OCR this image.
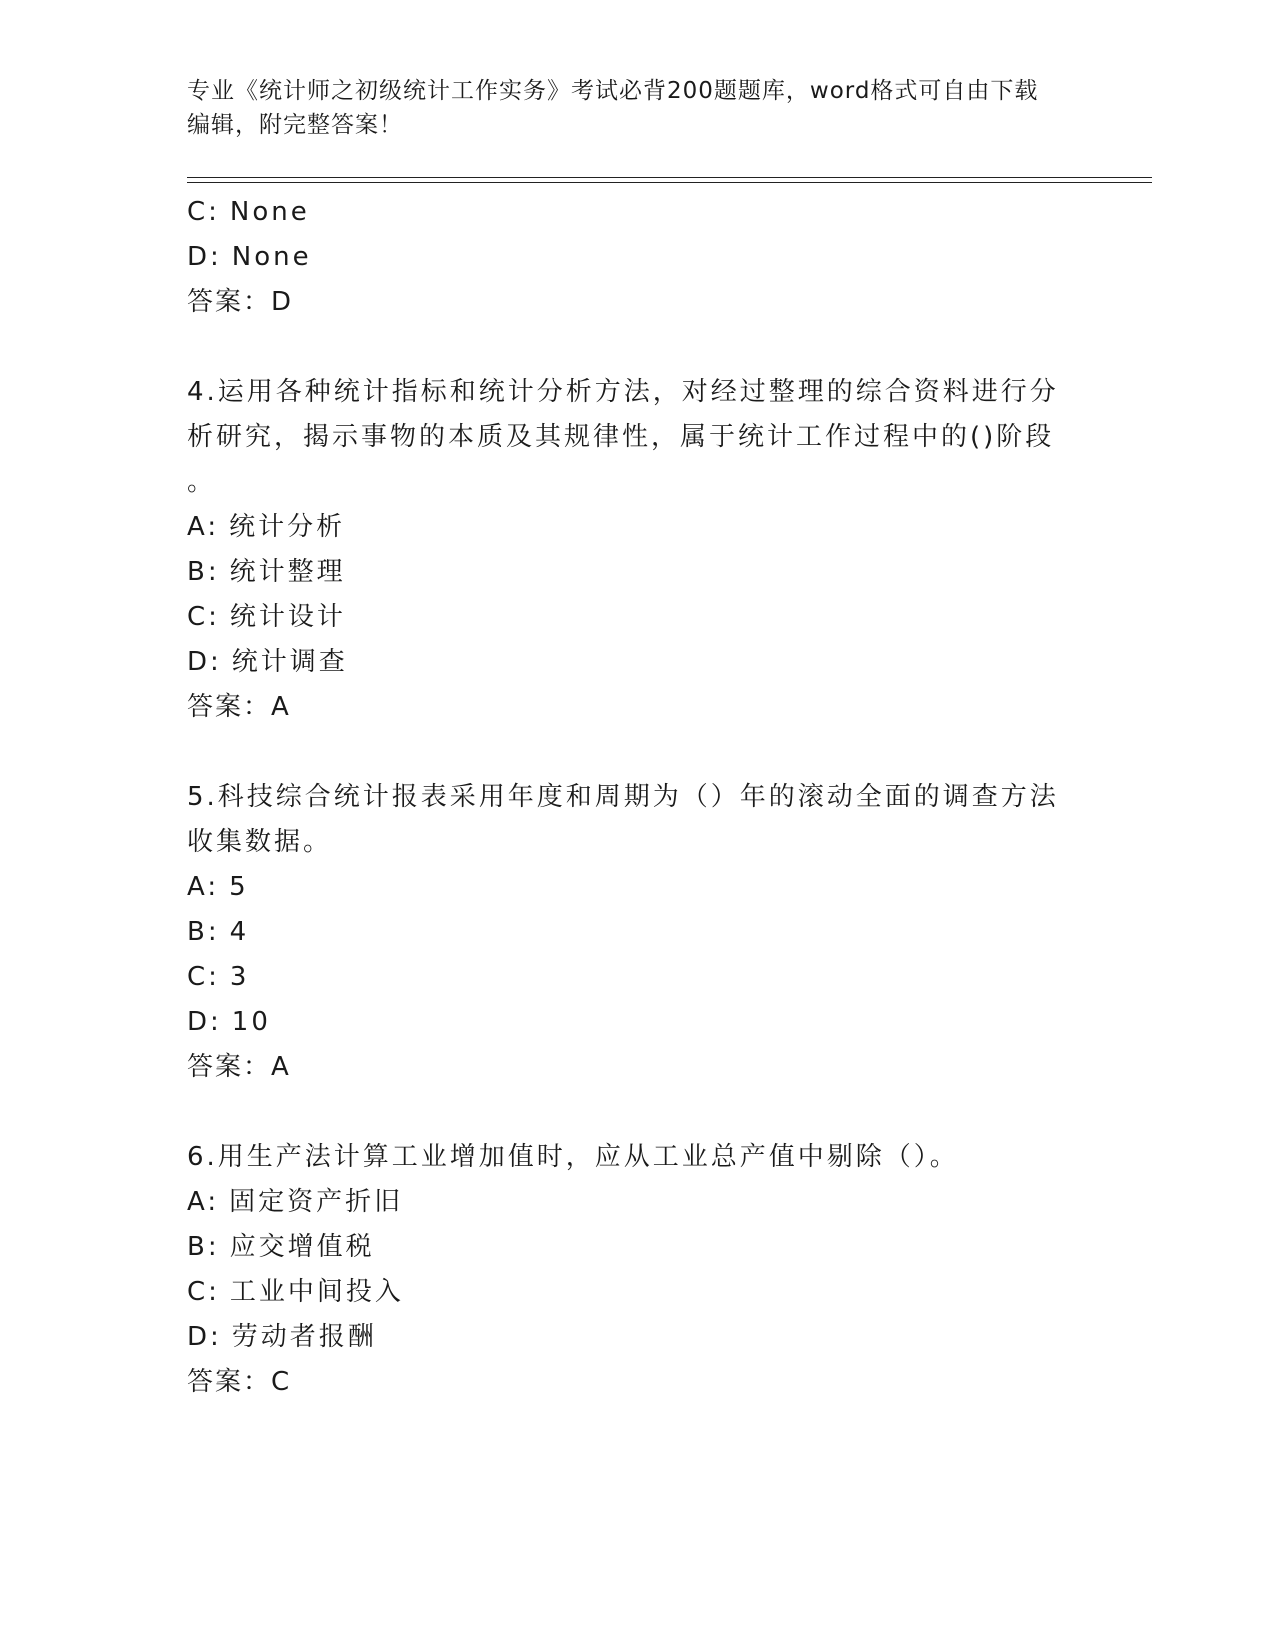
专业《统计师之初级统计工作实务》考试必背200题题库，word格式可自由下载
编辑，附完整答案！
C: None
D: None
答案：D
4.运用各种统计指标和统计分析方法，对经过整理的综合资料进行分
析研究，揭示事物的本质及其规律性，属于统计工作过程中的()阶段
。
A: 统计分析
B: 统计整理
C: 统计设计
D: 统计调查
答案：A
5.科技综合统计报表采用年度和周期为（）年的滚动全面的调查方法
收集数据。
A: 5
B: 4
C: 3
D: 10
答案：A
6.用生产法计算工业增加值时，应从工业总产值中剔除（）。
A: 固定资产折旧
B: 应交增值税
C: 工业中间投入
D: 劳动者报酬
答案：C
